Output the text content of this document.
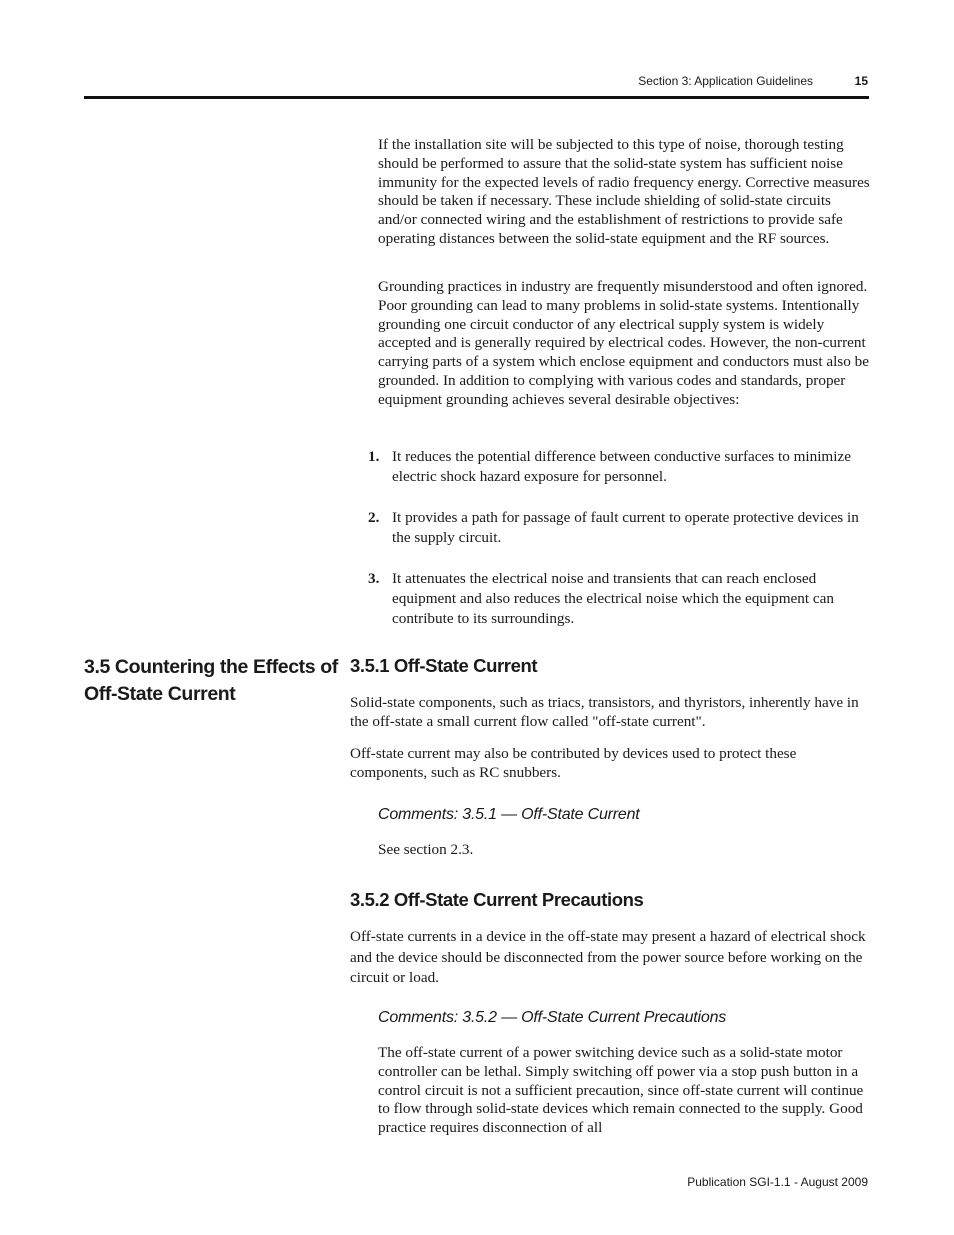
Section 3: Application Guidelines	15

If the installation site will be subjected to this type of noise, thorough testing should be performed to assure that the solid-state system has sufficient noise immunity for the expected levels of radio frequency energy. Corrective measures should be taken if necessary. These include shielding of solid-state circuits and/or connected wiring and the establishment of restrictions to provide safe operating distances between the solid-state equipment and the RF sources.

Grounding practices in industry are frequently misunderstood and often ignored. Poor grounding can lead to many problems in solid-state systems. Intentionally grounding one circuit conductor of any electrical supply system is widely accepted and is generally required by electrical codes. However, the non-current carrying parts of a system which enclose equipment and conductors must also be grounded. In addition to complying with various codes and standards, proper equipment grounding achieves several desirable objectives:

1. It reduces the potential difference between conductive surfaces to minimize electric shock hazard exposure for personnel.
2. It provides a path for passage of fault current to operate protective devices in the supply circuit.
3. It attenuates the electrical noise and transients that can reach enclosed equipment and also reduces the electrical noise which the equipment can contribute to its surroundings.
3.5 Countering the Effects of Off-State Current
3.5.1 Off-State Current

Solid-state components, such as triacs, transistors, and thyristors, inherently have in the off-state a small current flow called "off-state current".

Off-state current may also be contributed by devices used to protect these components, such as RC snubbers.

Comments: 3.5.1 — Off-State Current

See section 2.3.

3.5.2 Off-State Current Precautions

Off-state currents in a device in the off-state may present a hazard of electrical shock and the device should be disconnected from the power source before working on the circuit or load.

Comments: 3.5.2 — Off-State Current Precautions

The off-state current of a power switching device such as a solid-state motor controller can be lethal. Simply switching off power via a stop push button in a control circuit is not a sufficient precaution, since off-state current will continue to flow through solid-state devices which remain connected to the supply. Good practice requires disconnection of all

Publication SGI-1.1 - August 2009
